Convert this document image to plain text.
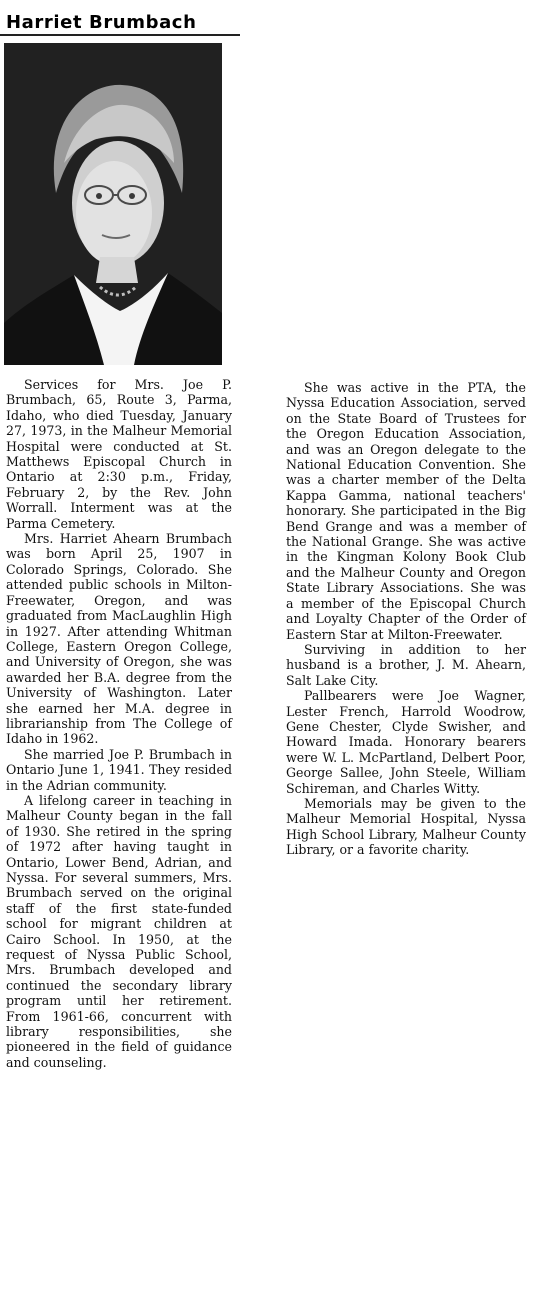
Harriet Brumbach

Services for Mrs. Joe P. Brumbach, 65, Route 3, Parma, Idaho, who died Tuesday, January 27, 1973, in the Malheur Memorial Hospital were conducted at St. Matthews Episcopal Church in Ontario at 2:30 p.m., Friday, February 2, by the Rev. John Worrall. Interment was at the Parma Cemetery.

Mrs. Harriet Ahearn Brumbach was born April 25, 1907 in Colorado Springs, Colorado. She attended public schools in Milton-Freewater, Oregon, and was graduated from MacLaughlin High in 1927. After attending Whitman College, Eastern Oregon College, and University of Oregon, she was awarded her B.A. degree from the University of Washington. Later she earned her M.A. degree in librarianship from The College of Idaho in 1962.

She married Joe P. Brumbach in Ontario June 1, 1941. They resided in the Adrian community.

A lifelong career in teaching in Malheur County began in the fall of 1930. She retired in the spring of 1972 after having taught in Ontario, Lower Bend, Adrian, and Nyssa. For several summers, Mrs. Brumbach served on the original staff of the first state-funded school for migrant children at Cairo School. In 1950, at the request of Nyssa Public School, Mrs. Brumbach developed and continued the secondary library program until her retirement. From 1961-66, concurrent with library responsibilities, she pioneered in the field of guidance and counseling.

She was active in the PTA, the Nyssa Education Association, served on the State Board of Trustees for the Oregon Education Association, and was an Oregon delegate to the National Education Convention. She was a charter member of the Delta Kappa Gamma, national teachers' honorary. She participated in the Big Bend Grange and was a member of the National Grange. She was active in the Kingman Kolony Book Club and the Malheur County and Oregon State Library Associations. She was a member of the Episcopal Church and Loyalty Chapter of the Order of Eastern Star at Milton-Freewater.

Surviving in addition to her husband is a brother, J. M. Ahearn, Salt Lake City.

Pallbearers were Joe Wagner, Lester French, Harrold Woodrow, Gene Chester, Clyde Swisher, and Howard Imada. Honorary bearers were W. L. McPartland, Delbert Poor, George Sallee, John Steele, William Schireman, and Charles Witty.

Memorials may be given to the Malheur Memorial Hospital, Nyssa High School Library, Malheur County Library, or a favorite charity.
